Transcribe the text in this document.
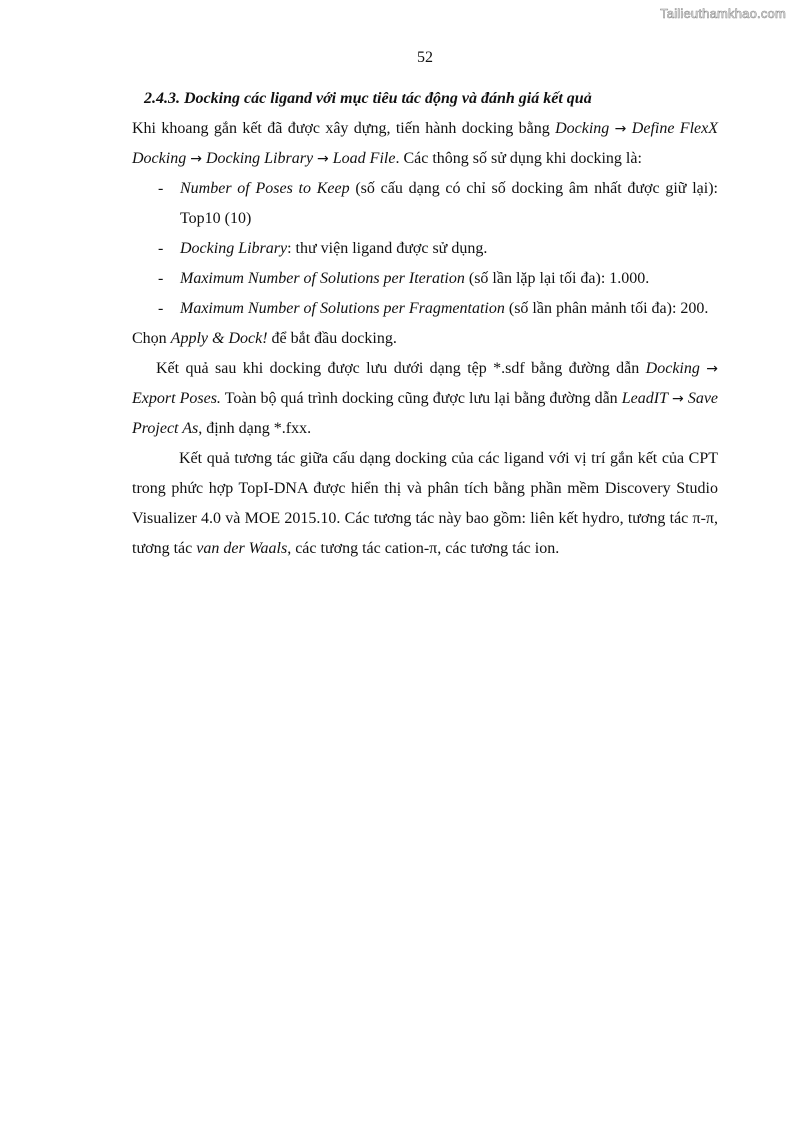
Tailieuthamkhao.com
52

2.4.3. Docking các ligand với mục tiêu tác động và đánh giá kết quả

Khi khoang gắn kết đã được xây dựng, tiến hành docking bằng Docking → Define FlexX Docking → Docking Library → Load File. Các thông số sử dụng khi docking là:

- Number of Poses to Keep (số cấu dạng có chỉ số docking âm nhất được giữ lại): Top10 (10)
- Docking Library: thư viện ligand được sử dụng.
- Maximum Number of Solutions per Iteration (số lần lặp lại tối đa): 1.000.
- Maximum Number of Solutions per Fragmentation (số lần phân mảnh tối đa): 200.

Chọn Apply & Dock! để bắt đầu docking.

Kết quả sau khi docking được lưu dưới dạng tệp *.sdf bằng đường dẫn Docking → Export Poses. Toàn bộ quá trình docking cũng được lưu lại bằng đường dẫn LeadIT → Save Project As, định dạng *.fxx.

Kết quả tương tác giữa cấu dạng docking của các ligand với vị trí gắn kết của CPT trong phức hợp TopI-DNA được hiển thị và phân tích bằng phần mềm Discovery Studio Visualizer 4.0 và MOE 2015.10. Các tương tác này bao gồm: liên kết hydro, tương tác π-π, tương tác van der Waals, các tương tác cation-π, các tương tác ion.
